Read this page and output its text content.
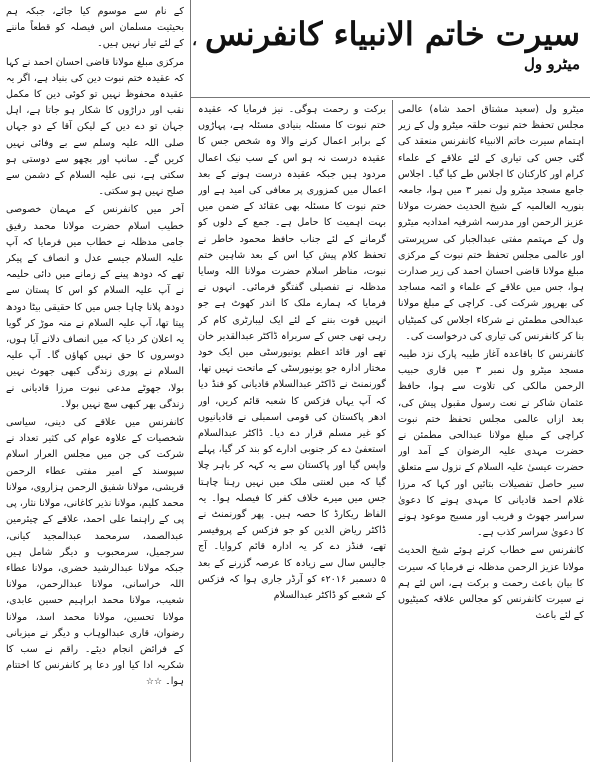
سیرت خاتم الانبیاء کانفرنس، میٹرو ول

میٹرو ول (سعید مشتاق احمد شاہ) عالمی مجلس تحفظ ختم نبوت حلقہ میٹرو ول کے زیر اہتمام سیرت خاتم الانبیاء کانفرنس منعقد کی گئی جس کی تیاری کے لئے علاقے کے علماء کرام اور کارکنان کا اجلاس طے کیا گیا۔ اجلاس جامع مسجد میٹرو ول نمبر ۳ میں ہوا، جامعہ بنوریہ العالمیہ کے شیخ الحدیث حضرت مولانا عزیز الرحمن اور مدرسہ اشرفیہ امدادیہ میٹرو ول کے مہتمم مفتی عبدالجبار کی سرپرستی اور عالمی مجلس تحفظ ختم نبوت کے مرکزی مبلغ مولانا قاضی احسان احمد کی زیر صدارت ہوا، جس میں علاقے کے علماء و ائمہ مساجد کی بھرپور شرکت کی۔ کراچی کے مبلغ مولانا عبدالحی مطمئن نے شرکاء اجلاس کی کمیٹیاں بنا کر کانفرنس کی تیاری کی درخواست کی۔

کانفرنس کا باقاعدہ آغاز طیبہ پارک نزد طیبہ مسجد میٹرو ول نمبر ۳ میں قاری حبیب الرحمن مالکی کی تلاوت سے ہوا، حافظ عثمان شاکر نے نعت رسول مقبول پیش کی، بعد ازاں عالمی مجلس تحفظ ختم نبوت کراچی کے مبلغ مولانا عبدالحی مطمئن نے حضرت مہدی علیہ الرضوان کے آمد اور حضرت عیسیٰ علیہ السلام کے نزول سے متعلق سیر حاصل تفصیلات بتائیں اور کہا کہ مرزا غلام احمد قادیانی کا مہدی ہونے کا دعویٰ سراسر جھوٹ و فریب اور مسیح موعود ہونے کا دعویٰ سراسر کذب ہے۔

کانفرنس سے خطاب کرتے ہوئے شیخ الحدیث مولانا عزیز الرحمن مدظلہ نے فرمایا کہ سیرت کا بیان باعث رحمت و برکت ہے، اس لئے ہم نے سیرت کانفرنس کو مجالس علاقہ کمیٹیوں کے لئے باعث

برکت و رحمت ہوگی۔ نیز فرمایا کہ عقیدہ ختم نبوت کا مسئلہ بنیادی مسئلہ ہے، پہاڑوں کے برابر اعمال کرنے والا وہ شخص جس کا عقیدہ درست نہ ہو اس کے سب نیک اعمال مردود ہیں جبکہ عقیدہ درست ہونے کے بعد اعمال میں کمزوری پر معافی کی امید ہے اور ختم نبوت کا مسئلہ بھی عقائد کے ضمن میں بہت اہمیت کا حامل ہے۔ جمع کے دلوں کو گرمانے کے لئے جناب حافظ محمود خاطر نے تحفظ کلام پیش کیا اس کے بعد شاہین ختم نبوت، مناظر اسلام حضرت مولانا اللہ وسایا مدظلہ نے تفصیلی گفتگو فرمائی۔ انہوں نے فرمایا کہ ہمارے ملک کا اندر کھوٹ ہے جو انہیں قوت بننے کے لئے ایک لیبارٹری کام کر رہی تھی جس کے سربراہ ڈاکٹر عبدالقدیر خان تھے اور قائد اعظم یونیورسٹی میں ایک خود مختار ادارہ جو یونیورسٹی کے ماتحت نہیں تھا، گورنمنٹ نے ڈاکٹر عبدالسلام قادیانی کو فنڈ دیا کہ آپ یہاں فزکس کا شعبہ قائم کریں، اور ادھر پاکستان کی قومی اسمبلی نے قادیانیوں کو غیر مسلم قرار دے دیا۔ ڈاکٹر عبدالسلام استعفیٰ دے کر جنوبی ادارے کو بند کر گیا، پہلے واپس گیا اور پاکستان سے یہ کہہ کر باہر چلا گیا کہ میں لعنتی ملک میں نہیں رہنا چاہتا جس میں میرے خلاف کفر کا فیصلہ ہوا۔ یہ الفاظ ریکارڈ کا حصہ ہیں۔ پھر گورنمنٹ نے ڈاکٹر ریاض الدین کو جو فزکس کے پروفیسر تھے، فنڈز دے کر یہ ادارہ قائم کروایا۔ آج جالیس سال سے زیادہ کا عرصہ گزرنے کے بعد ۵ دسمبر ۲۰۱۶ء کو آرڈر جاری ہوا کہ فزکس کے شعبے کو ڈاکٹر عبدالسلام

کے نام سے موسوم کیا جائے، جبکہ ہم بحیثیت مسلمان اس فیصلہ کو قطعاً ماننے کے لئے تیار نہیں ہیں۔

مرکزی مبلغ مولانا قاضی احسان احمد نے کہا کہ عقیدہ ختم نبوت دین کی بنیاد ہے، اگر یہ عقیدہ محفوظ نہیں تو کوئی دین کا مکمل نقب اور دراڑوں کا شکار ہو جاتا ہے، اہل جہان تو دے دیں کے لیکن آقا کے دو جہاں صلی اللہ علیہ وسلم سے بے وفائی نہیں کریں گے۔ سانپ اور بچھو سے دوستی ہو سکتی ہے، نبی علیہ السلام کے دشمن سے صلح نہیں ہو سکتی۔

آخر میں کانفرنس کے مہمان خصوصی خطیب اسلام حضرت مولانا محمد رفیق جامی مدظلہ نے خطاب میں فرمایا کہ آپ علیہ السلام جیسے عدل و انصاف کے پیکر تھے کہ دودھ پینے کے زمانے میں دائی حلیمہ نے آپ علیہ السلام کو اس کا پستان سے دودھ پلانا چاہا جس میں کا حقیقی بیٹا دودھ پیتا تھا، آپ علیہ السلام نے منہ موڑ کر گویا یہ اعلان کر دیا کہ میں انصاف دلانے آیا ہوں، دوسروں کا حق نہیں کھاؤں گا۔ آپ علیہ السلام نے پوری زندگی کبھی جھوٹ نہیں بولا، جھوٹے مدعی نبوت مرزا قادیانی نے زندگی بھر کبھی سچ نہیں بولا۔

کانفرنس میں علاقے کی دینی، سیاسی شخصیات کے علاوہ عوام کی کثیر تعداد نے شرکت کی جن میں مجلس العرار اسلام سپوسند کے امیر مفتی عطاء الرحمن قریشی، مولانا شفیق الرحمن ہزاروی، مولانا محمد کلیم، مولانا نذیر کاغانی، مولانا نثار، پی پی کے راہنما علی احمد، علاقے کے چیئرمین عبدالصمد، سرمحمد عبدالمجید کیانی، سرجمیل، سرمحبوب و دیگر شامل ہیں جبکہ مولانا عبدالرشید خضری، مولانا عطاء اللہ خراسانی، مولانا عبدالرحمن، مولانا شعیب، مولانا محمد ابراہیم حسین عابدی، مولانا تحسین، مولانا محمد اسد، مولانا رضوان، قاری عبدالوہاب و دیگر نے میزبانی کے فرائض انجام دیئے۔ راقم نے سب کا شکریہ ادا کیا اور دعا پر کانفرنس کا اختتام ہوا۔ ☆☆
